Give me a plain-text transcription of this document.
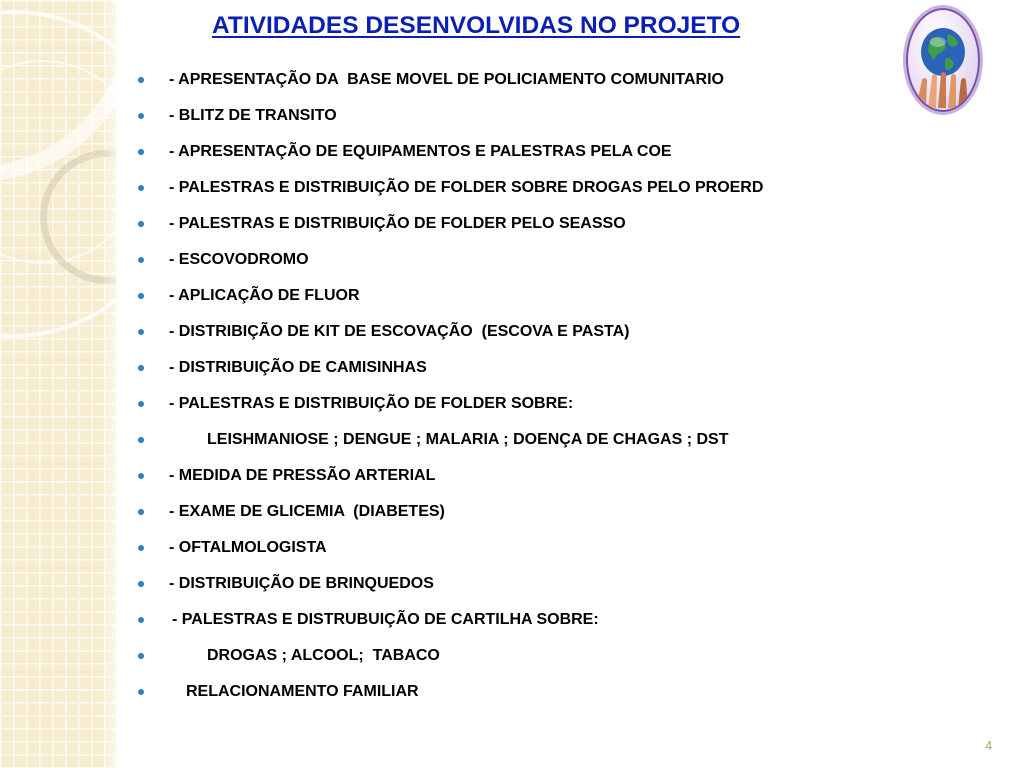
ATIVIDADES DESENVOLVIDAS NO PROJETO
- APRESENTAÇÃO DA  BASE MOVEL DE POLICIAMENTO COMUNITARIO
- BLITZ DE TRANSITO
- APRESENTAÇÃO DE EQUIPAMENTOS E PALESTRAS PELA COE
- PALESTRAS E DISTRIBUIÇÃO DE FOLDER SOBRE DROGAS PELO PROERD
- PALESTRAS E DISTRIBUIÇÃO DE FOLDER PELO SEASSO
- ESCOVODROMO
- APLICAÇÃO DE FLUOR
- DISTRIBIÇÃO DE KIT DE ESCOVAÇÃO  (ESCOVA E PASTA)
- DISTRIBUIÇÃO DE CAMISINHAS
- PALESTRAS E DISTRIBUIÇÃO DE FOLDER SOBRE:
LEISHMANIOSE ; DENGUE ; MALARIA ; DOENÇA DE CHAGAS ; DST
- MEDIDA DE PRESSÃO ARTERIAL
- EXAME DE GLICEMIA  (DIABETES)
- OFTALMOLOGISTA
- DISTRIBUIÇÃO DE BRINQUEDOS
- PALESTRAS E DISTRUBUIÇÃO DE CARTILHA SOBRE:
DROGAS ; ALCOOL;  TABACO
RELACIONAMENTO FAMILIAR
4
